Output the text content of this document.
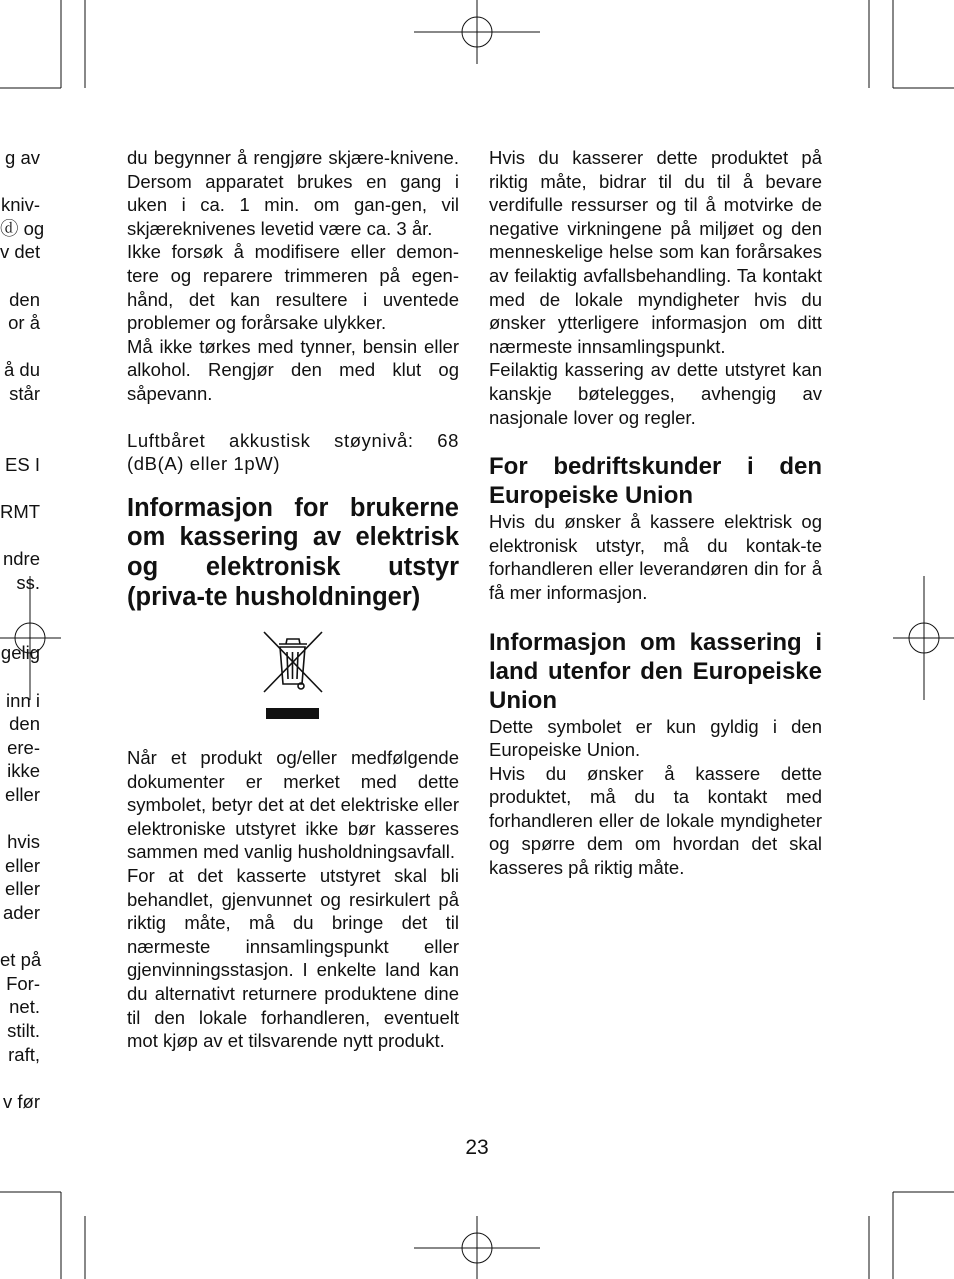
g av
kniv-
ⓓ og
v det
den
or å
å du
står
ES I
RMT
ndre
ss.
gelig
inn i
den
ere-
ikke
eller
hvis
eller
eller
ader
et på
For-
net.
stilt.
raft,
v før

du begynner å rengjøre skjære-knivene. Dersom apparatet brukes en gang i uken i ca. 1 min. om gan-gen, vil skjæreknivenes levetid være ca. 3 år.

Ikke forsøk å modifisere eller demon-tere og reparere trimmeren på egen-hånd, det kan resultere i uventede problemer og forårsake ulykker.

Må ikke tørkes med tynner, bensin eller alkohol. Rengjør den med klut og såpevann.

Luftbåret akkustisk støynivå: 68 (dB(A) eller 1pW)

Informasjon for brukerne om kassering av elektrisk og elektronisk utstyr (priva-te husholdninger)

Når et produkt og/eller medfølgende dokumenter er merket med dette symbolet, betyr det at det elektriske eller elektroniske utstyret ikke bør kasseres sammen med vanlig husholdningsavfall.

For at det kasserte utstyret skal bli behandlet, gjenvunnet og resirkulert på riktig måte, må du bringe det til nærmeste innsamlingspunkt eller gjenvinningsstasjon. I enkelte land kan du alternativt returnere produktene dine til den lokale forhandleren, eventuelt mot kjøp av et tilsvarende nytt produkt.

Hvis du kasserer dette produktet på riktig måte, bidrar til du til å bevare verdifulle ressurser og til å motvirke de negative virkningene på miljøet og den menneskelige helse som kan forårsakes av feilaktig avfallsbehandling. Ta kontakt med de lokale myndigheter hvis du ønsker ytterligere informasjon om ditt nærmeste innsamlingspunkt.

Feilaktig kassering av dette utstyret kan kanskje bøtelegges, avhengig av nasjonale lover og regler.

For bedriftskunder i den Europeiske Union

Hvis du ønsker å kassere elektrisk og elektronisk utstyr, må du kontak-te forhandleren eller leverandøren din for å få mer informasjon.

Informasjon om kassering i land utenfor den Europeiske Union

Dette symbolet er kun gyldig i den Europeiske Union.

Hvis du ønsker å kassere dette produktet, må du ta kontakt med forhandleren eller de lokale myndigheter og spørre dem om hvordan det skal kasseres på riktig måte.

23
